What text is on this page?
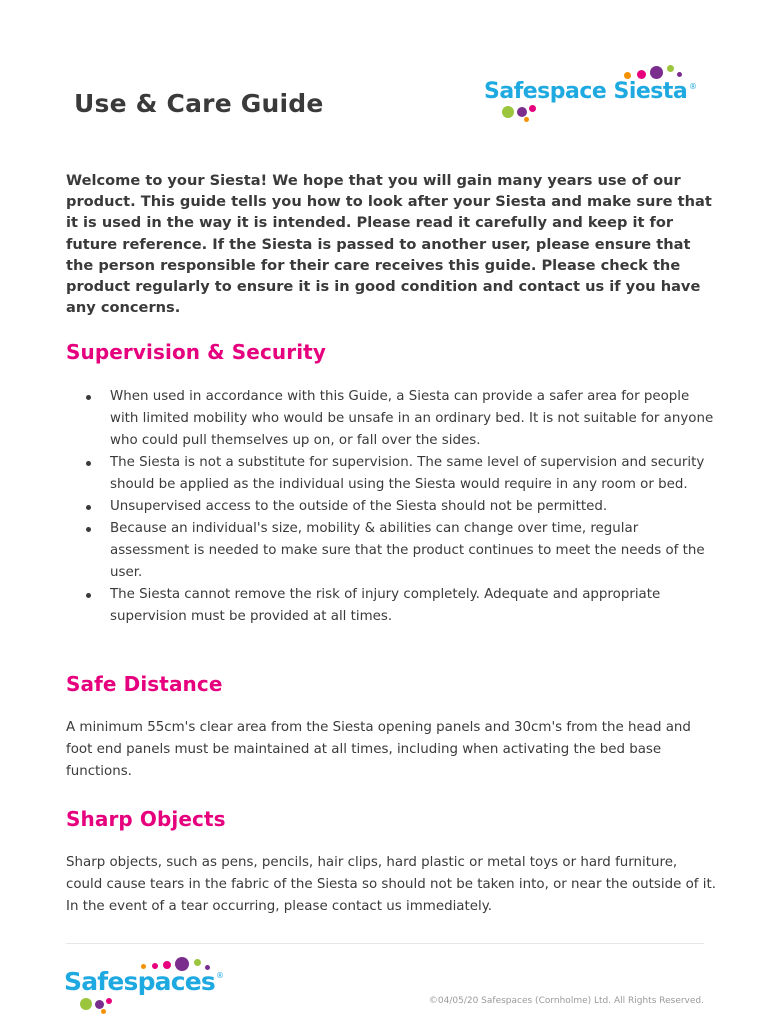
Use & Care Guide	Safespace Siesta ®

Welcome to your Siesta! We hope that you will gain many years use of our product. This guide tells you how to look after your Siesta and make sure that it is used in the way it is intended. Please read it carefully and keep it for future reference. If the Siesta is passed to another user, please ensure that the person responsible for their care receives this guide. Please check the product regularly to ensure it is in good condition and contact us if you have any concerns.

Supervision & Security
When used in accordance with this Guide, a Siesta can provide a safer area for people with limited mobility who would be unsafe in an ordinary bed. It is not suitable for anyone who could pull themselves up on, or fall over the sides.
The Siesta is not a substitute for supervision. The same level of supervision and security should be applied as the individual using the Siesta would require in any room or bed.
Unsupervised access to the outside of the Siesta should not be permitted.
Because an individual's size, mobility & abilities can change over time, regular assessment is needed to make sure that the product continues to meet the needs of the user.
The Siesta cannot remove the risk of injury completely. Adequate and appropriate supervision must be provided at all times.
Safe Distance

A minimum 55cm's clear area from the Siesta opening panels and 30cm's from the head and foot end panels must be maintained at all times, including when activating the bed base functions.

Sharp Objects

Sharp objects, such as pens, pencils, hair clips, hard plastic or metal toys or hard furniture, could cause tears in the fabric of the Siesta so should not be taken into, or near the outside of it. In the event of a tear occurring, please contact us immediately.

Safespaces ®

©04/05/20 Safespaces (Cornholme) Ltd. All Rights Reserved.
